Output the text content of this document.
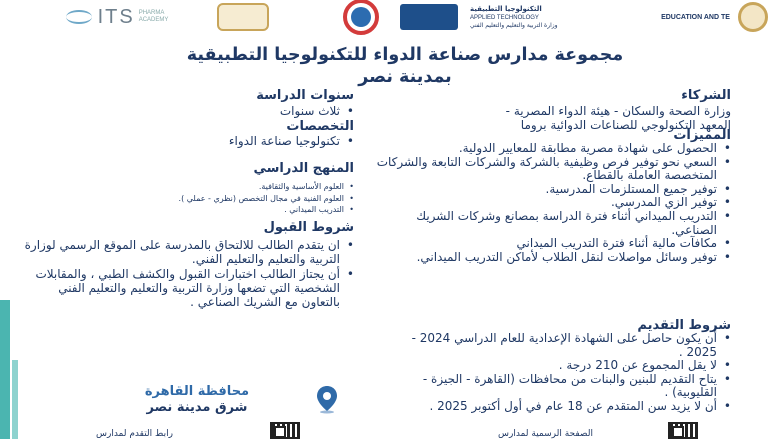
ITS PHARMA
ACADEMY
التكنولوجيا التطبيقية
APPLIED TECHNOLOGY
وزارة التربية والتعليم والتعليم الفني
EDUCATION AND TE
مجموعة مدارس صناعة الدواء للتكنولوجيا التطبيقية
بمدينة نصر
الشركاء
وزارة الصحة والسكان - هيئة الدواء المصرية -
المعهد التكنولوجي للصناعات الدوائية بروما
المميزات
• الحصول على شهادة مصرية مطابقة للمعايير الدولية.
• السعي نحو توفير فرص وظيفية بالشركة والشركات التابعة والشركات المتخصصة العاملة بالقطاع.
• توفير جميع المستلزمات المدرسية.
• توفير الزي المدرسي.
• التدريب الميداني أثناء فترة الدراسة بمصانع وشركات الشريك الصناعي.
• مكافآت مالية أثناء فترة التدريب الميداني
• توفير وسائل مواصلات لنقل الطلاب لأماكن التدريب الميداني.
شروط التقديم
• أن يكون حاصل على الشهادة الإعدادية للعام الدراسي 2024 - 2025 .
• لا يقل المجموع عن 210 درجة .
• يتاح التقديم للبنين والبنات من محافظات (القاهرة - الجيزة - القليوبية) .
• أن لا يزيد سن المتقدم عن 18 عام في أول أكتوبر 2025 .
سنوات الدراسة
• ثلاث سنوات
التخصصات
• تكنولوجيا صناعة الدواء
المنهج الدراسي
• العلوم الأساسية والثقافية.
• العلوم الفنية في مجال التخصص (نظري - عملي ).
• التدريب الميداني .
شروط القبول
• ان يتقدم الطالب للالتحاق بالمدرسة على الموقع الرسمي لوزارة التربية والتعليم والتعليم الفني.
• أن يجتاز الطالب اختبارات القبول والكشف الطبي ، والمقابلات الشخصية التي تضعها وزارة التربية والتعليم والتعليم الفني بالتعاون مع الشريك الصناعي .
محافظة القاهرة
شرق مدينة نصر
رابط التقدم لمدارس	الصفحة الرسمية لمدارس
